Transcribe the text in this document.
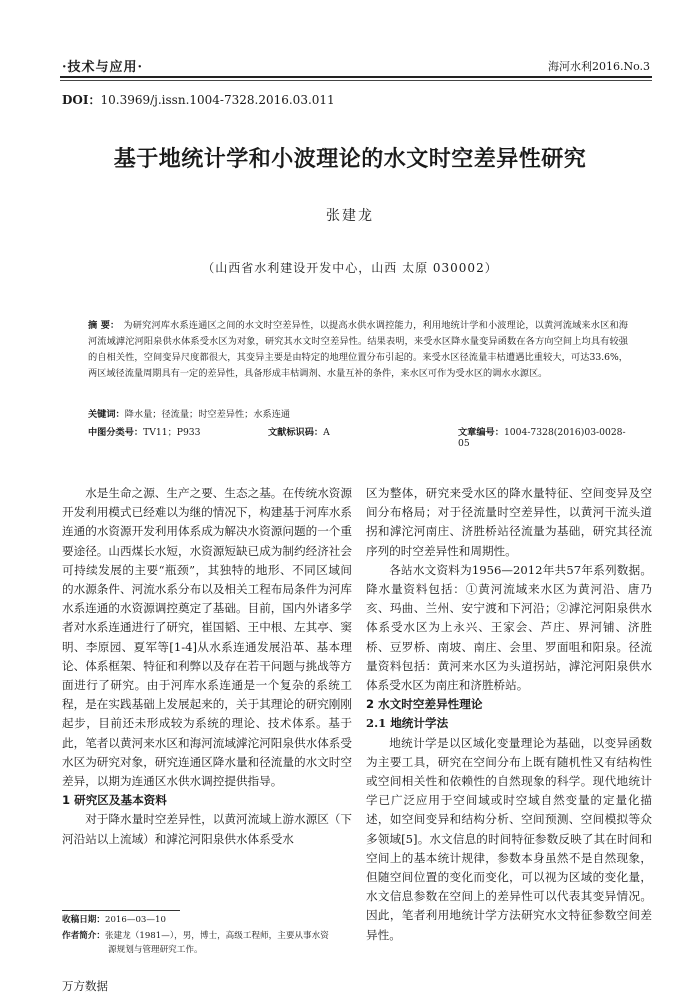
·技术与应用·	海河水利2016.No.3
DOI：10.3969/j.issn.1004-7328.2016.03.011
基于地统计学和小波理论的水文时空差异性研究
张建龙
（山西省水利建设开发中心，山西 太原 030002）
摘 要： 为研究河库水系连通区之间的水文时空差异性，以提高水供水调控能力，利用地统计学和小波理论，以黄河流域来水区和海河流域滹沱河阳泉供水体系受水区为对象，研究其水文时空差异性。结果表明，来受水区降水量变异函数在各方向空间上均具有较强的自相关性，空间变异尺度都很大，其变异主要是由特定的地理位置分布引起的。来受水区径流量丰枯遭遇比重较大，可达33.6%，两区域径流量周期具有一定的差异性，具备形成丰枯调剂、水量互补的条件，来水区可作为受水区的调水水源区。
关键词：降水量；径流量；时空差异性；水系连通
中图分类号：TV11；P933	文献标识码：A	文章编号：1004-7328(2016)03-0028-05

水是生命之源、生产之要、生态之基。在传统水资源开发利用模式已经难以为继的情况下，构建基于河库水系连通的水资源开发利用体系成为解决水资源问题的一个重要途径。山西煤长水短，水资源短缺已成为制约经济社会可持续发展的主要“瓶颈”，其独特的地形、不同区域间的水源条件、河流水系分布以及相关工程布局条件为河库水系连通的水资源调控奠定了基础。目前，国内外诸多学者对水系连通进行了研究，崔国韬、王中根、左其亭、窦明、李原园、夏军等[1-4]从水系连通发展沿革、基本理论、体系框架、特征和利弊以及存在若干问题与挑战等方面进行了研究。由于河库水系连通是一个复杂的系统工程，是在实践基础上发展起来的，关于其理论的研究刚刚起步，目前还未形成较为系统的理论、技术体系。基于此，笔者以黄河来水区和海河流域滹沱河阳泉供水体系受水区为研究对象，研究连通区降水量和径流量的水文时空差异，以期为连通区水供水调控提供指导。

1 研究区及基本资料

对于降水量时空差异性，以黄河流域上游水源区（下河沿站以上流域）和滹沱河阳泉供水体系受水

区为整体，研究来受水区的降水量特征、空间变异及空间分布格局；对于径流量时空差异性，以黄河干流头道拐和滹沱河南庄、济胜桥站径流量为基础，研究其径流序列的时空差异性和周期性。

各站水文资料为1956—2012年共57年系列数据。降水量资料包括：①黄河流域来水区为黄河沿、唐乃亥、玛曲、兰州、安宁渡和下河沿；②滹沱河阳泉供水体系受水区为上永兴、王家会、芦庄、界河铺、济胜桥、豆罗桥、南坡、南庄、会里、罗面咀和阳泉。径流量资料包括：黄河来水区为头道拐站，滹沱河阳泉供水体系受水区为南庄和济胜桥站。

2 水文时空差异性理论

2.1 地统计学法

地统计学是以区域化变量理论为基础，以变异函数为主要工具，研究在空间分布上既有随机性又有结构性或空间相关性和依赖性的自然现象的科学。现代地统计学已广泛应用于空间域或时空域自然变量的定量化描述，如空间变异和结构分析、空间预测、空间模拟等众多领域[5]。水文信息的时间特征参数反映了其在时间和空间上的基本统计规律，参数本身虽然不是自然现象，但随空间位置的变化而变化，可以视为区域的变化量，水文信息参数在空间上的差异性可以代表其变异情况。因此，笔者利用地统计学方法研究水文特征参数空间差异性。

收稿日期：2016—03—10
作者简介：张建龙（1981—），男，博士，高级工程师，主要从事水资
源规划与管理研究工作。
万方数据
